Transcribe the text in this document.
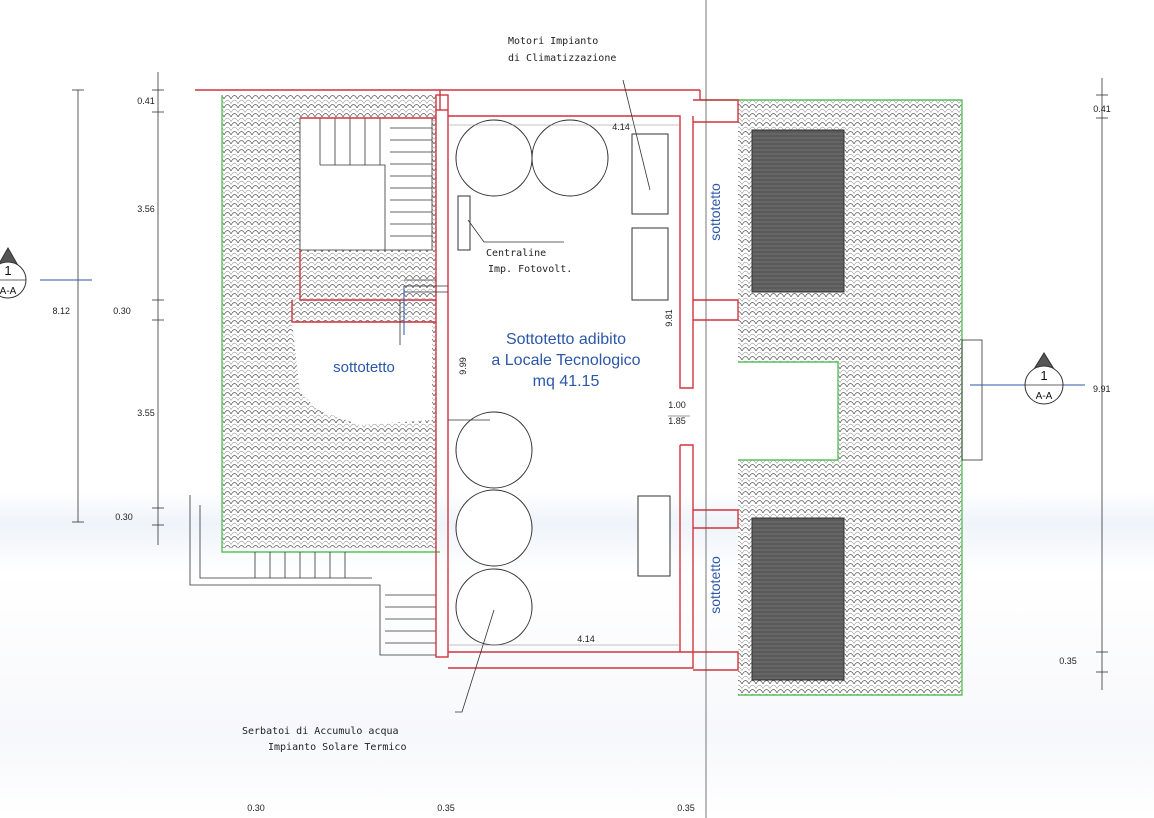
1
A-A
1
A-A
Sottotetto adibito
a Locale Tecnologico
mq 41.15
sottotetto
sottotetto
sottotetto
Motori Impianto
di Climatizzazione
Centraline
Imp. Fotovolt.
Serbatoi di Accumulo acqua
Impianto Solare Termico
8.12
0.41
3.56
0.30
3.55
0.30
9.91
0.41
0.35
4.14
4.14
9.99
9.81
1.00
1.85
0.30	0.35	0.35
